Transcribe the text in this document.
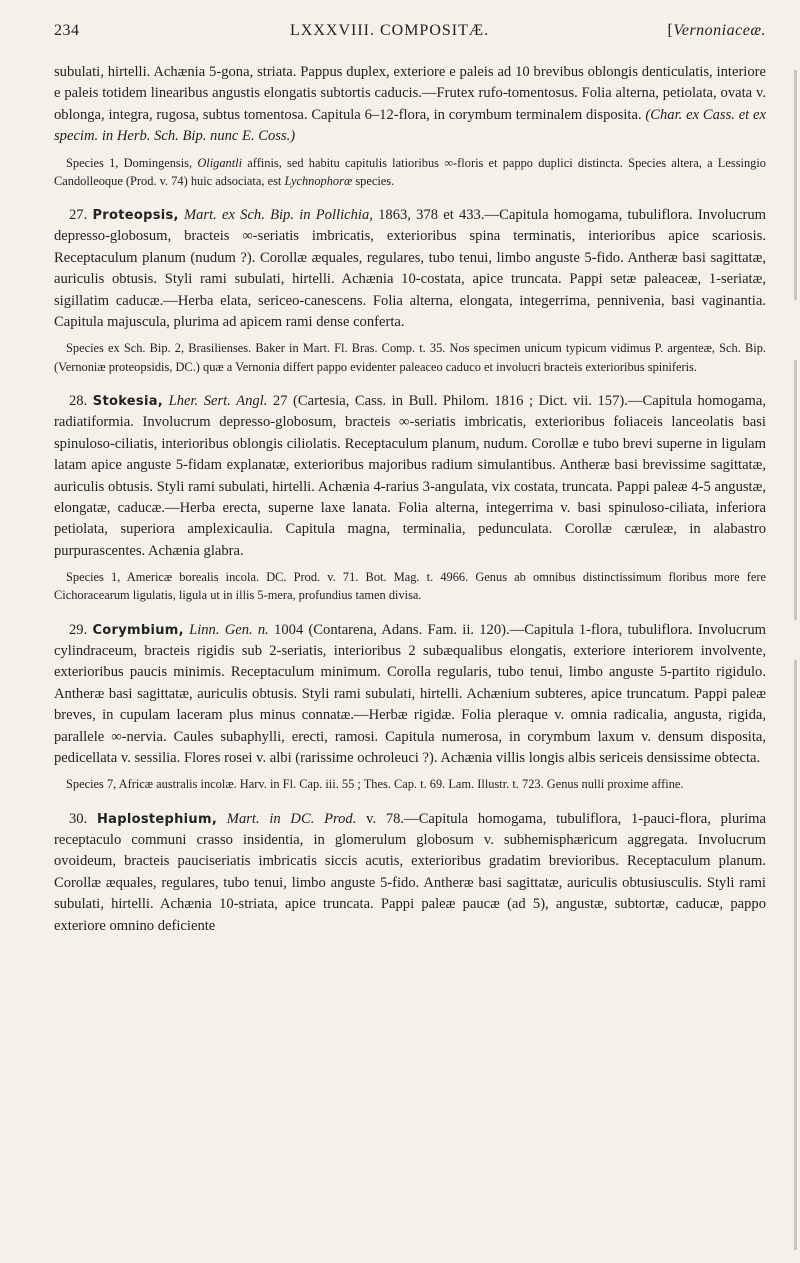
234	LXXXVIII. COMPOSITÆ.	[Vernoniaceæ.

subulati, hirtelli. Achænia 5-gona, striata. Pappus duplex, exteriore e paleis ad 10 brevibus oblongis denticulatis, interiore e paleis totidem linearibus angustis elongatis subtortis caducis.—Frutex rufo-tomentosus. Folia alterna, petiolata, ovata v. oblonga, integra, rugosa, subtus tomentosa. Capitula 6–12-flora, in corymbum terminalem disposita. (Char. ex Cass. et ex specim. in Herb. Sch. Bip. nunc E. Coss.)

Species 1, Domingensis, Oligantli affinis, sed habitu capitulis latioribus ∞-floris et pappo duplici distincta. Species altera, a Lessingio Candolleoque (Prod. v. 74) huic adsociata, est Lychnophoræ species.

27. Proteopsis, Mart. ex Sch. Bip. in Pollichia, 1863, 378 et 433.—Capitula homogama, tubuliflora. Involucrum depresso-globosum, bracteis ∞-seriatis imbricatis, exterioribus spina terminatis, interioribus apice scariosis. Receptaculum planum (nudum ?). Corollæ æquales, regulares, tubo tenui, limbo anguste 5-fido. Antheræ basi sagittatæ, auriculis obtusis. Styli rami subulati, hirtelli. Achænia 10-costata, apice truncata. Pappi setæ paleaceæ, 1-seriatæ, sigillatim caducæ.—Herba elata, sericeo-canescens. Folia alterna, elongata, integerrima, pennivenia, basi vaginantia. Capitula majuscula, plurima ad apicem rami dense conferta.

Species ex Sch. Bip. 2, Brasilienses. Baker in Mart. Fl. Bras. Comp. t. 35. Nos specimen unicum typicum vidimus P. argenteæ, Sch. Bip. (Vernoniæ proteopsidis, DC.) quæ a Vernonia differt pappo evidenter paleaceo caduco et involucri bracteis exterioribus spiniferis.

28. Stokesia, Lher. Sert. Angl. 27 (Cartesia, Cass. in Bull. Philom. 1816 ; Dict. vii. 157).—Capitula homogama, radiatiformia. Involucrum depresso-globosum, bracteis ∞-seriatis imbricatis, exterioribus foliaceis lanceolatis basi spinuloso-ciliatis, interioribus oblongis ciliolatis. Receptaculum planum, nudum. Corollæ e tubo brevi superne in ligulam latam apice anguste 5-fidam explanatæ, exterioribus majoribus radium simulantibus. Antheræ basi brevissime sagittatæ, auriculis obtusis. Styli rami subulati, hirtelli. Achænia 4-rarius 3-angulata, vix costata, truncata. Pappi paleæ 4-5 angustæ, elongatæ, caducæ.—Herba erecta, superne laxe lanata. Folia alterna, integerrima v. basi spinuloso-ciliata, inferiora petiolata, superiora amplexicaulia. Capitula magna, terminalia, pedunculata. Corollæ cæruleæ, in alabastro purpurascentes. Achænia glabra.

Species 1, Americæ borealis incola. DC. Prod. v. 71. Bot. Mag. t. 4966. Genus ab omnibus distinctissimum floribus more fere Cichoracearum ligulatis, ligula ut in illis 5-mera, profundius tamen divisa.

29. Corymbium, Linn. Gen. n. 1004 (Contarena, Adans. Fam. ii. 120).—Capitula 1-flora, tubuliflora. Involucrum cylindraceum, bracteis rigidis sub 2-seriatis, interioribus 2 subæqualibus elongatis, exteriore interiorem involvente, exterioribus paucis minimis. Receptaculum minimum. Corolla regularis, tubo tenui, limbo anguste 5-partito rigidulo. Antheræ basi sagittatæ, auriculis obtusis. Styli rami subulati, hirtelli. Achænium subteres, apice truncatum. Pappi paleæ breves, in cupulam laceram plus minus connatæ.—Herbæ rigidæ. Folia pleraque v. omnia radicalia, angusta, rigida, parallele ∞-nervia. Caules subaphylli, erecti, ramosi. Capitula numerosa, in corymbum laxum v. densum disposita, pedicellata v. sessilia. Flores rosei v. albi (rarissime ochroleuci ?). Achænia villis longis albis sericeis densissime obtecta.

Species 7, Africæ australis incolæ. Harv. in Fl. Cap. iii. 55 ; Thes. Cap. t. 69. Lam. Illustr. t. 723. Genus nulli proxime affine.

30. Haplostephium, Mart. in DC. Prod. v. 78.—Capitula homogama, tubuliflora, 1-pauci-flora, plurima receptaculo communi crasso insidentia, in glomerulum globosum v. subhemisphæricum aggregata. Involucrum ovoideum, bracteis pauciseriatis imbricatis siccis acutis, exterioribus gradatim brevioribus. Receptaculum planum. Corollæ æquales, regulares, tubo tenui, limbo anguste 5-fido. Antheræ basi sagittatæ, auriculis obtusiusculis. Styli rami subulati, hirtelli. Achænia 10-striata, apice truncata. Pappi paleæ paucæ (ad 5), angustæ, subtortæ, caducæ, pappo exteriore omnino deficiente
